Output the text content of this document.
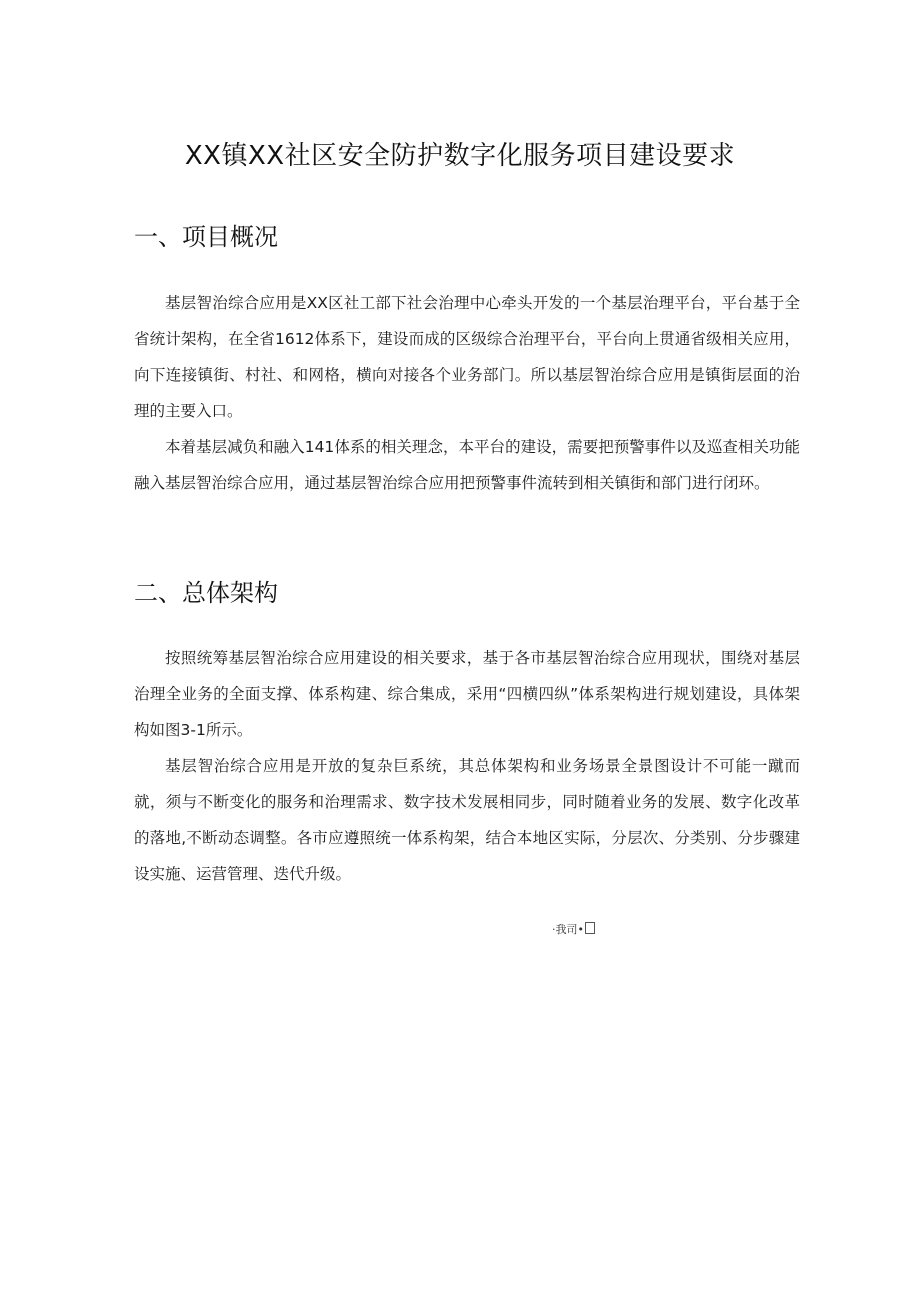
XX镇XX社区安全防护数字化服务项目建设要求
一、项目概况

基层智治综合应用是XX区社工部下社会治理中心牵头开发的一个基层治理平台，平台基于全省统计架构，在全省1612体系下，建设而成的区级综合治理平台，平台向上贯通省级相关应用，向下连接镇街、村社、和网格，横向对接各个业务部门。所以基层智治综合应用是镇街层面的治理的主要入口。

本着基层减负和融入141体系的相关理念，本平台的建设，需要把预警事件以及巡查相关功能融入基层智治综合应用，通过基层智治综合应用把预警事件流转到相关镇街和部门进行闭环。

二、总体架构

按照统筹基层智治综合应用建设的相关要求，基于各市基层智治综合应用现状，围绕对基层治理全业务的全面支撑、体系构建、综合集成，采用“四横四纵”体系架构进行规划建设，具体架构如图3-1所示。

基层智治综合应用是开放的复杂巨系统，其总体架构和业务场景全景图设计不可能一蹴而就，须与不断变化的服务和治理需求、数字技术发展相同步，同时随着业务的发展、数字化改革的落地,不断动态调整。各市应遵照统一体系构架，结合本地区实际，分层次、分类别、分步骤建设实施、运营管理、迭代升级。

·我司•
